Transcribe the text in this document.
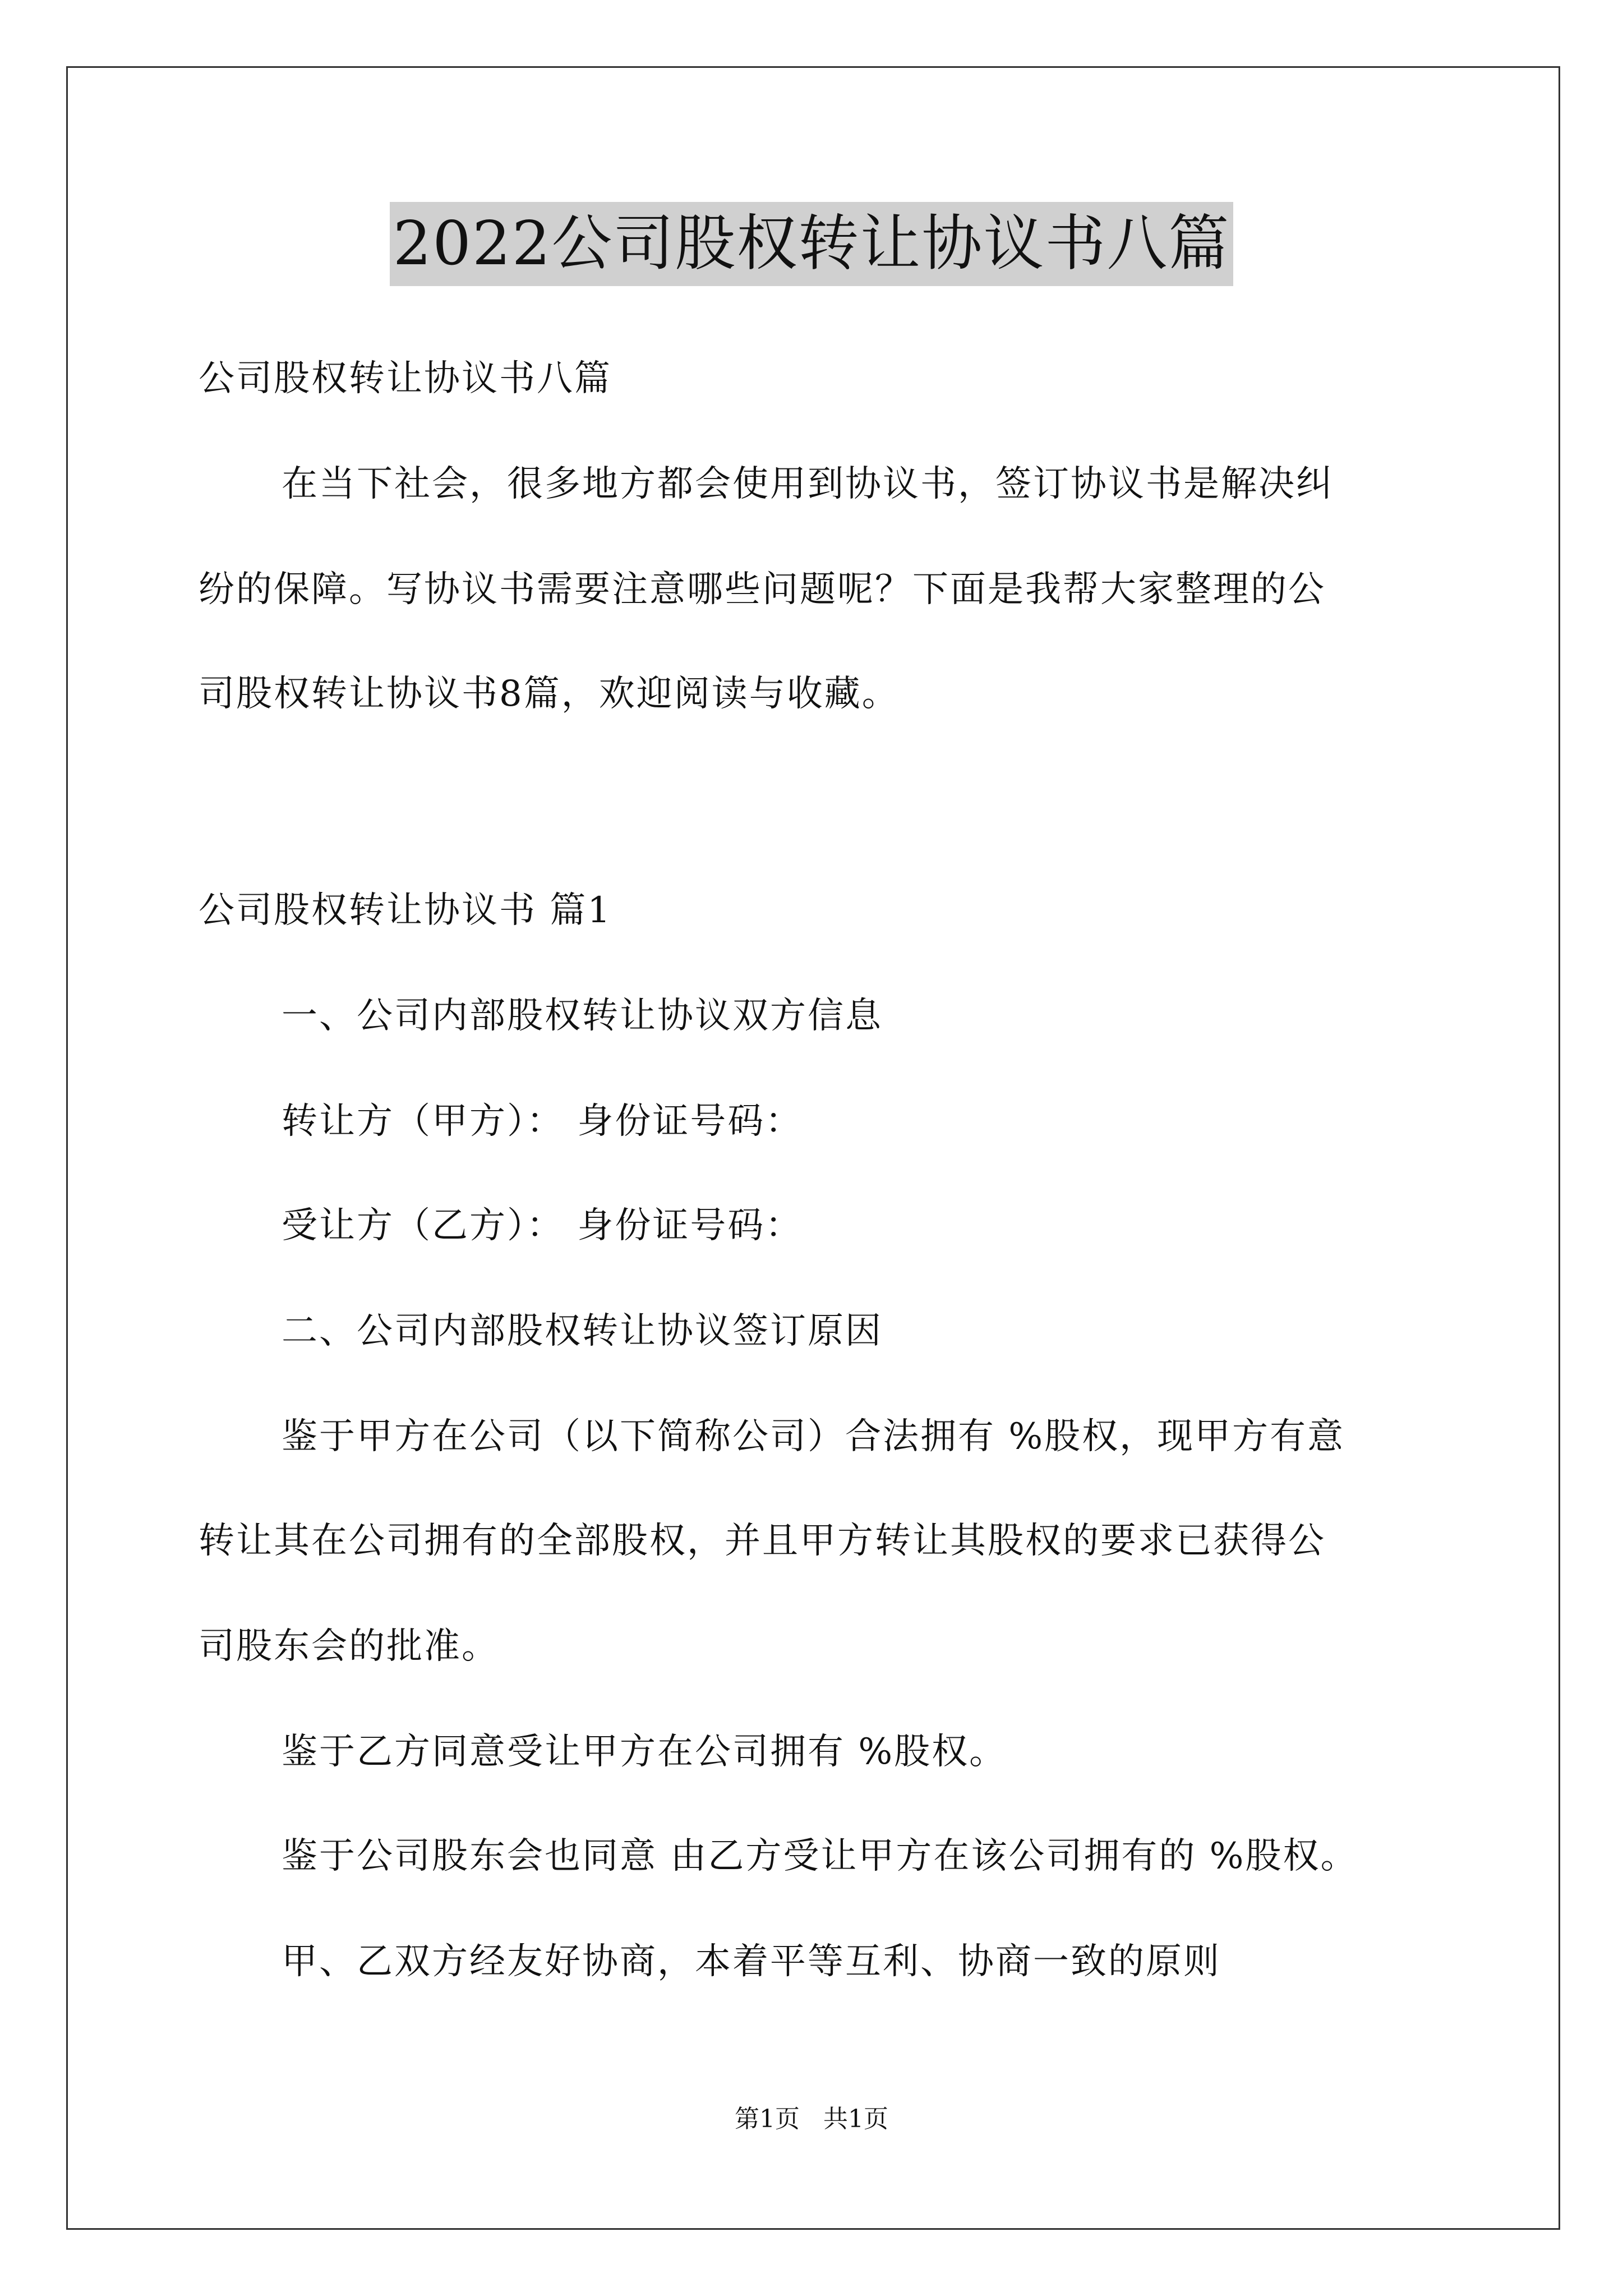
2022公司股权转让协议书八篇
公司股权转让协议书八篇
在当下社会，很多地方都会使用到协议书，签订协议书是解决纠
纷的保障。写协议书需要注意哪些问题呢？下面是我帮大家整理的公
司股权转让协议书8篇，欢迎阅读与收藏。
公司股权转让协议书 篇1
一、公司内部股权转让协议双方信息
转让方（甲方）： 身份证号码：
受让方（乙方）： 身份证号码：
二、公司内部股权转让协议签订原因
鉴于甲方在公司（以下简称公司）合法拥有 %股权，现甲方有意
转让其在公司拥有的全部股权，并且甲方转让其股权的要求已获得公
司股东会的批准。
鉴于乙方同意受让甲方在公司拥有 %股权。
鉴于公司股东会也同意 由乙方受让甲方在该公司拥有的 %股权。
甲、乙双方经友好协商，本着平等互利、协商一致的原则
第1页   共1页
